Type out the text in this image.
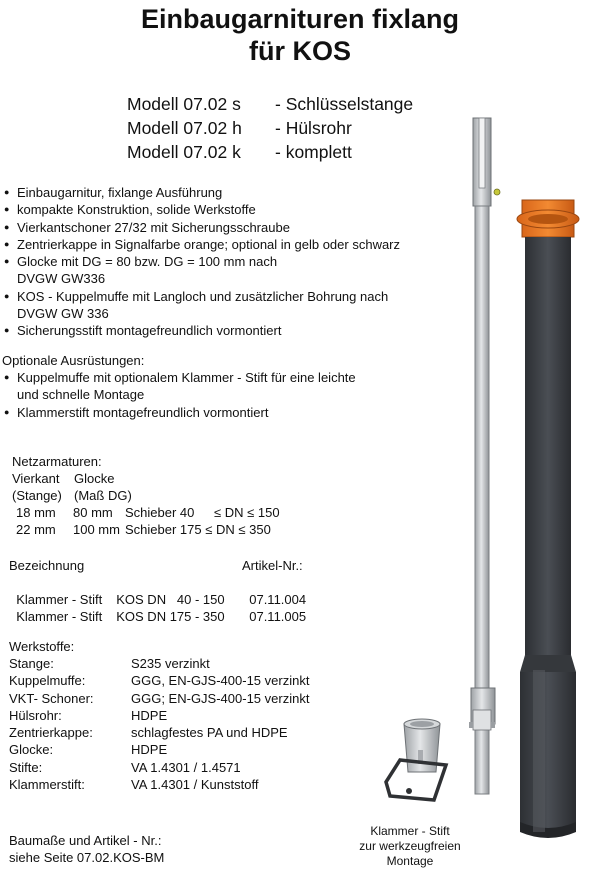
Einbaugarnituren fixlang
für KOS
Modell 07.02 s - Schlüsselstange
Modell 07.02 h - Hülsrohr
Modell 07.02 k - komplett
● Einbaugarnitur, fixlange Ausführung
● kompakte Konstruktion, solide Werkstoffe
● Vierkantschoner 27/32 mit Sicherungsschraube
● Zentrierkappe in Signalfarbe orange; optional in gelb oder schwarz
● Glocke mit DG = 80 bzw. DG = 100 mm nach
DVGW GW336
● KOS - Kuppelmuffe mit Langloch und zusätzlicher Bohrung nach
DVGW GW 336
● Sicherungsstift montagefreundlich vormontiert
Optionale Ausrüstungen:
● Kuppelmuffe mit optionalem Klammer - Stift für eine leichte
und schnelle Montage
● Klammerstift montagefreundlich vormontiert
Netzarmaturen:
Vierkant Glocke
(Stange) (Maß DG)
18 mm 80 mm Schieber 40 ≤ DN ≤ 150
22 mm 100 mm Schieber 175 ≤ DN ≤ 350
Bezeichnung	Artikel-Nr.:

Klammer - Stift KOS DN   40 - 150 07.11.004

Klammer - Stift KOS DN 175 - 350 07.11.005

Werkstoffe:
Stange:	S235 verzinkt
Kuppelmuffe:	GGG, EN-GJS-400-15 verzinkt
VKT- Schoner:	GGG; EN-GJS-400-15 verzinkt
Hülsrohr:	HDPE
Zentrierkappe:	schlagfestes PA und HDPE
Glocke:	HDPE
Stifte:	VA 1.4301 / 1.4571
Klammerstift:	VA 1.4301 / Kunststoff
Baumaße und Artikel - Nr.:
siehe Seite 07.02.KOS-BM
Klammer - Stift
zur werkzeugfreien
Montage
